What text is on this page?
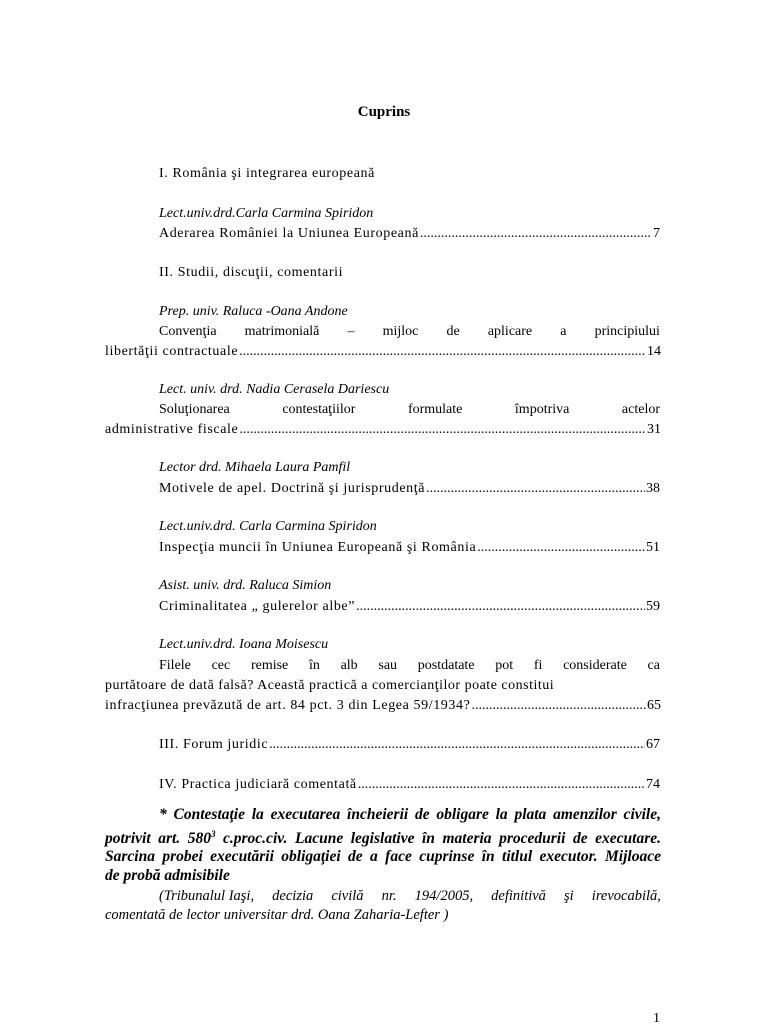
Cuprins
I. România şi integrarea europeană
Lect.univ.drd.Carla Carmina Spiridon
Aderarea României la Uniunea Europeană .....	7
II. Studii, discuţii, comentarii
Prep. univ. Raluca -Oana Andone
Convenţia matrimonială – mijloc de aplicare a principiului
libertăţii contractuale .....	14
Lect. univ. drd. Nadia Cerasela Dariescu
Soluţionarea	contestaţiilor	formulate	împotriva	actelor
administrative fiscale .....	31
Lector drd. Mihaela Laura Pamfil
Motivele de apel. Doctrină şi jurisprudenţă .....	38
Lect.univ.drd. Carla Carmina Spiridon
Inspecţia muncii în Uniunea Europeană şi România .....	51
Asist. univ. drd. Raluca Simion
Criminalitatea „ gulerelor albe” .....	59
Lect.univ.drd. Ioana Moisescu
Filele cec remise în alb sau postdatate pot fi considerate ca
purtătoare de dată falsă? Această practică a comercianţilor poate constitui
infracţiunea prevăzută de art. 84 pct. 3 din Legea 59/1934? .....	65
III. Forum juridic .....	67
IV. Practica judiciară comentată .....	74

* Contestaţie la executarea încheierii de obligare la plata amenzilor civile,

potrivit art. $580^3$ c.proc.civ. Lacune legislative în materia procedurii de executare.

Sarcina probei executării obligaţiei de a face cuprinse în titlul executor. Mijloace

de probă admisibile

(Tribunalul Iaşi, decizia civilă nr. 194/2005, definitivă şi irevocabilă,

comentată de lector universitar drd. Oana Zaharia-Lefter )

1
